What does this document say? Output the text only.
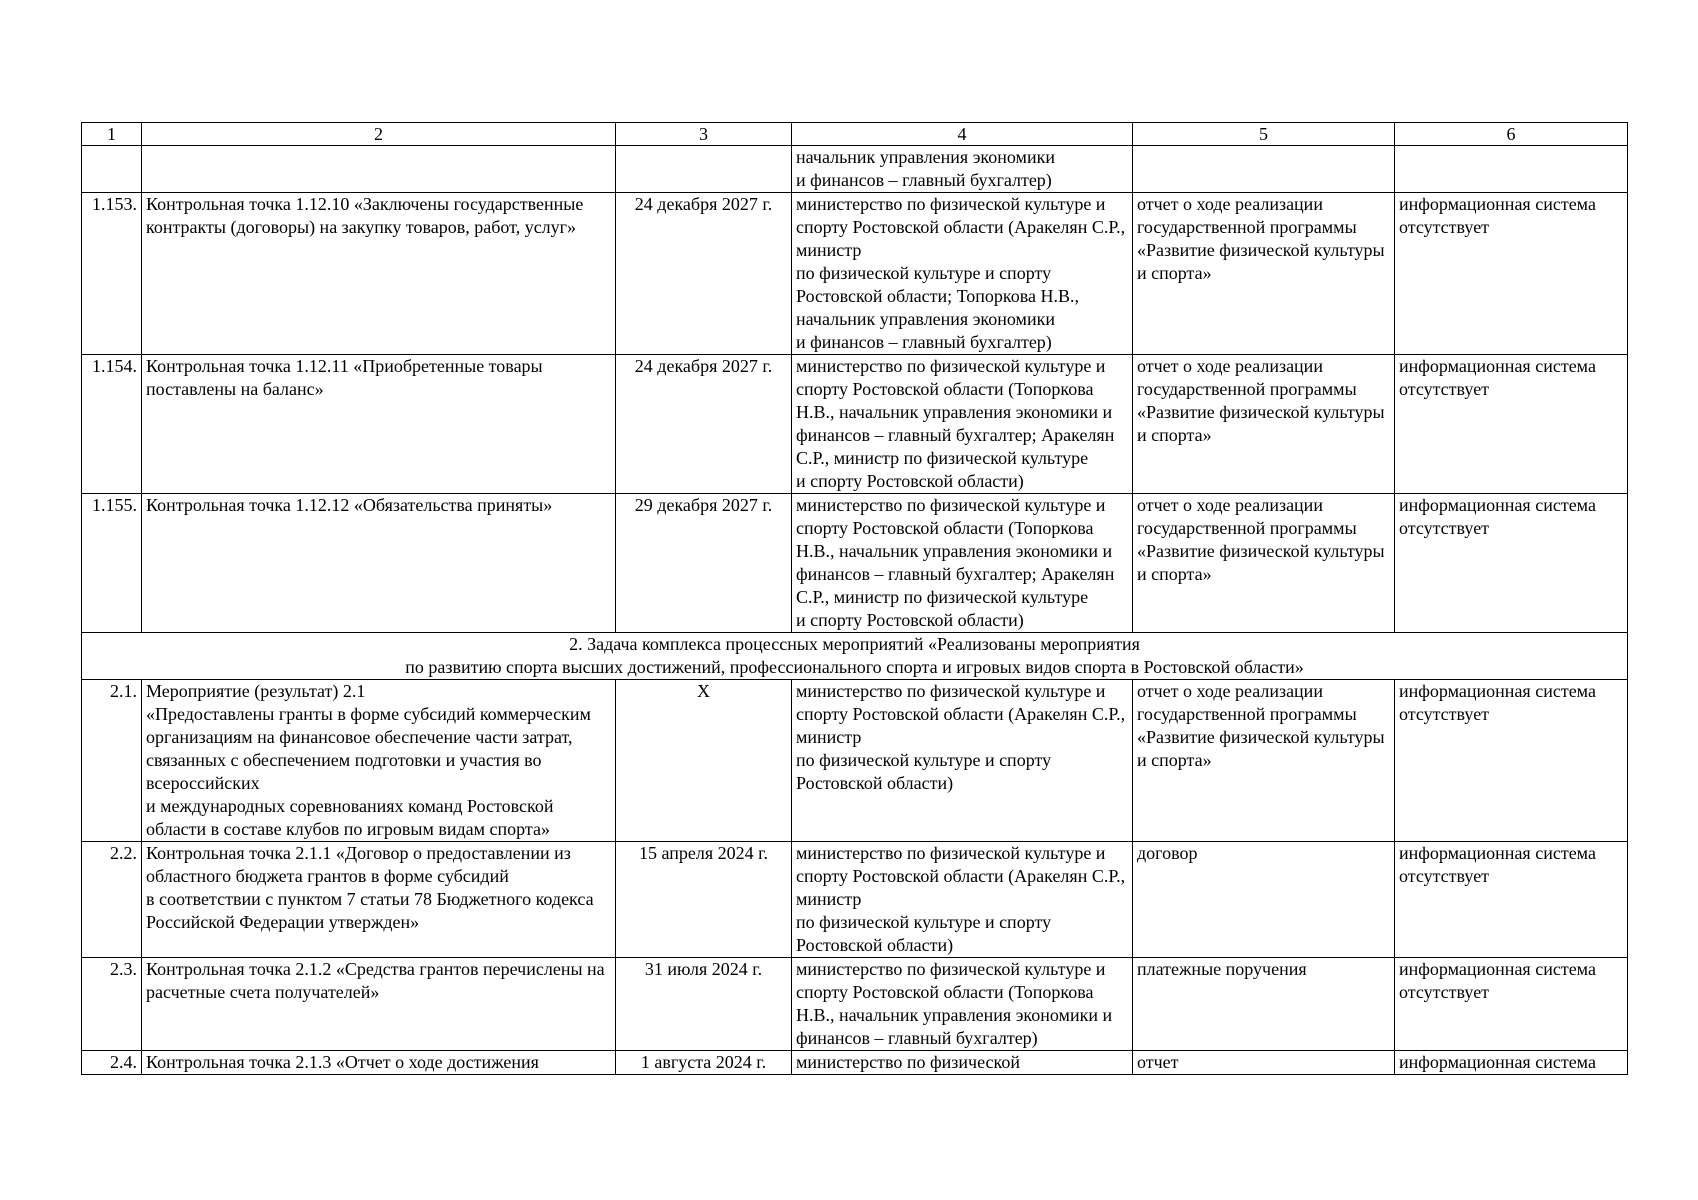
1	2	3	4	5	6
			начальник управления экономики
и финансов – главный бухгалтер)		
1.153.	Контрольная точка 1.12.10 «Заключены государственные контракты (договоры) на закупку товаров, работ, услуг»	24 декабря 2027 г.	министерство по физической культуре и спорту Ростовской области (Аракелян С.Р., министр
по физической культуре и спорту Ростовской области; Топоркова Н.В., начальник управления экономики
и финансов – главный бухгалтер)	отчет о ходе реализации государственной программы «Развитие физической культуры и спорта»	информационная система отсутствует
1.154.	Контрольная точка 1.12.11 «Приобретенные товары поставлены на баланс»	24 декабря 2027 г.	министерство по физической культуре и спорту Ростовской области (Топоркова Н.В., начальник управления экономики и финансов – главный бухгалтер; Аракелян С.Р., министр по физической культуре
и спорту Ростовской области)	отчет о ходе реализации государственной программы «Развитие физической культуры и спорта»	информационная система отсутствует
1.155.	Контрольная точка 1.12.12 «Обязательства приняты»	29 декабря 2027 г.	министерство по физической культуре и спорту Ростовской области (Топоркова Н.В., начальник управления экономики и финансов – главный бухгалтер; Аракелян С.Р., министр по физической культуре
и спорту Ростовской области)	отчет о ходе реализации государственной программы «Развитие физической культуры и спорта»	информационная система отсутствует
2. Задача комплекса процессных мероприятий «Реализованы мероприятия
по развитию спорта высших достижений, профессионального спорта и игровых видов спорта в Ростовской области»					
2.1.	Мероприятие (результат) 2.1
«Предоставлены гранты в форме субсидий коммерческим организациям на финансовое обеспечение части затрат, связанных с обеспечением подготовки и участия во всероссийских
и международных соревнованиях команд Ростовской области в составе клубов по игровым видам спорта»	X	министерство по физической культуре и спорту Ростовской области (Аракелян С.Р., министр
по физической культуре и спорту Ростовской области)	отчет о ходе реализации государственной программы «Развитие физической культуры и спорта»	информационная система отсутствует
2.2.	Контрольная точка 2.1.1 «Договор о предоставлении из областного бюджета грантов в форме субсидий
в соответствии с пунктом 7 статьи 78 Бюджетного кодекса Российской Федерации утвержден»	15 апреля 2024 г.	министерство по физической культуре и спорту Ростовской области (Аракелян С.Р., министр
по физической культуре и спорту Ростовской области)	договор	информационная система отсутствует
2.3.	Контрольная точка 2.1.2 «Средства грантов перечислены на расчетные счета получателей»	31 июля 2024 г.	министерство по физической культуре и спорту Ростовской области (Топоркова Н.В., начальник управления экономики и финансов – главный бухгалтер)	платежные поручения	информационная система отсутствует
2.4.	Контрольная точка 2.1.3 «Отчет о ходе достижения	1 августа 2024 г.	министерство по физической	отчет	информационная система
